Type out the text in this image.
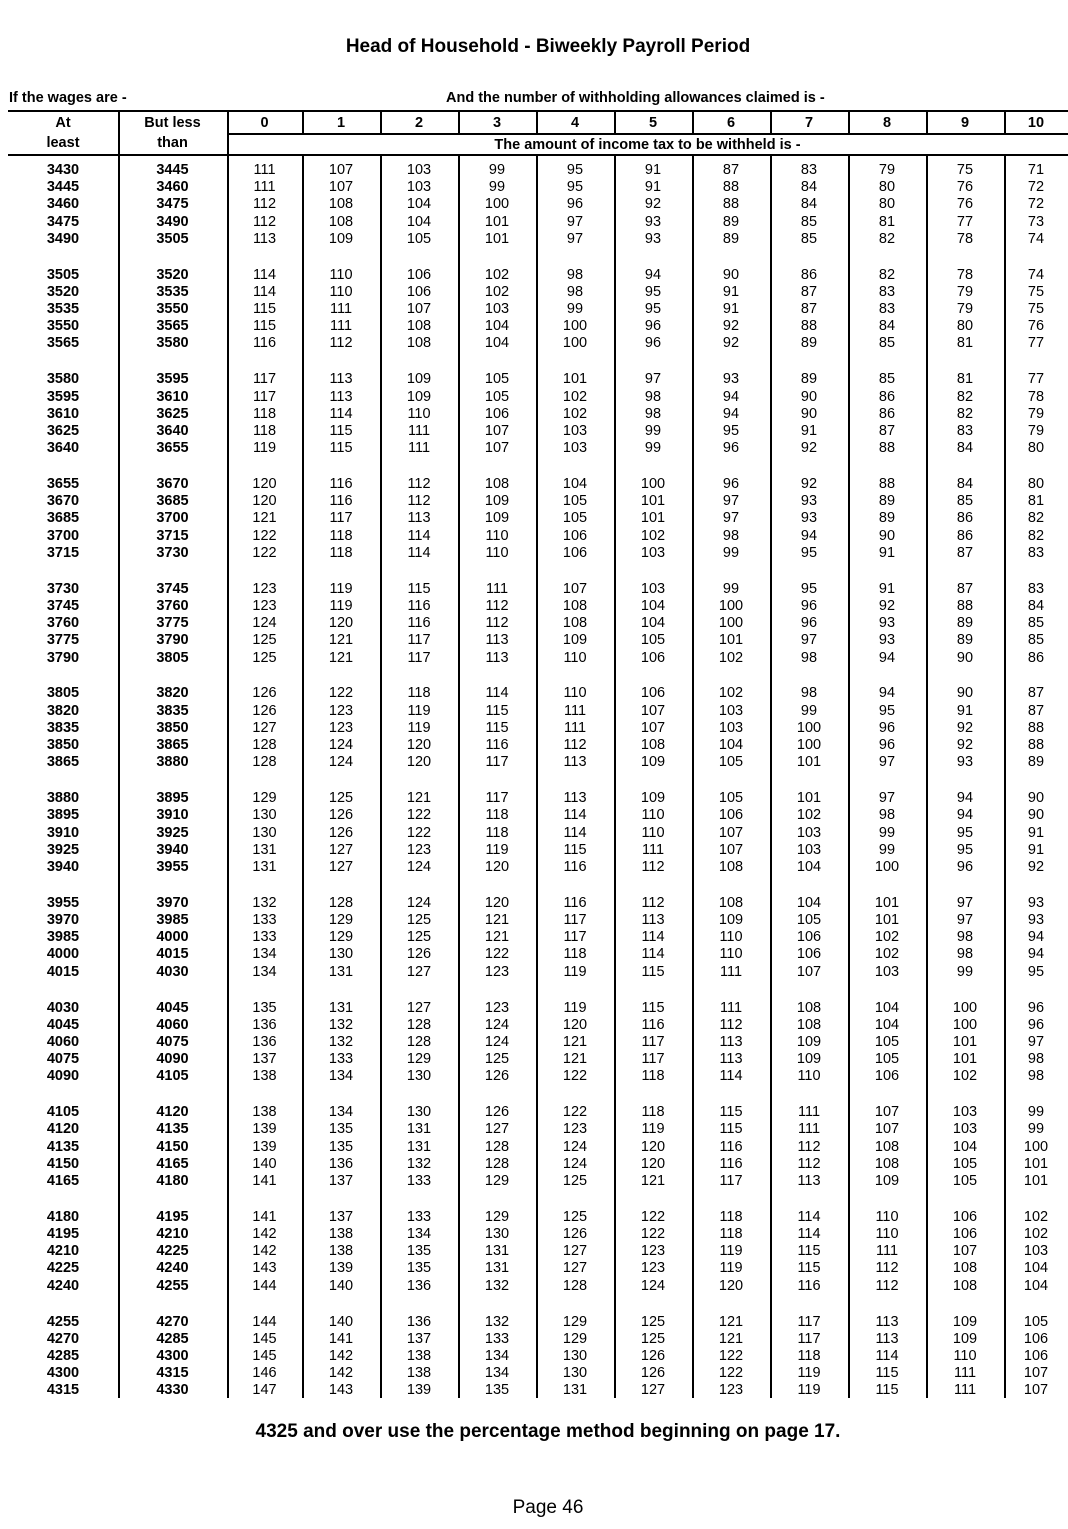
Head of Household - Biweekly Payroll Period
If the wages are -	And the number of withholding allowances claimed is -
At
least
But less
than
0	1	2	3	4	5	6	7	8	9	10
The amount of income tax to be withheld is -
3430	3445	111	107	103	99	95	91	87	83	79	75	71
3445	3460	111	107	103	99	95	91	88	84	80	76	72
3460	3475	112	108	104	100	96	92	88	84	80	76	72
3475	3490	112	108	104	101	97	93	89	85	81	77	73
3490	3505	113	109	105	101	97	93	89	85	82	78	74
3505	3520	114	110	106	102	98	94	90	86	82	78	74
3520	3535	114	110	106	102	98	95	91	87	83	79	75
3535	3550	115	111	107	103	99	95	91	87	83	79	75
3550	3565	115	111	108	104	100	96	92	88	84	80	76
3565	3580	116	112	108	104	100	96	92	89	85	81	77
3580	3595	117	113	109	105	101	97	93	89	85	81	77
3595	3610	117	113	109	105	102	98	94	90	86	82	78
3610	3625	118	114	110	106	102	98	94	90	86	82	79
3625	3640	118	115	111	107	103	99	95	91	87	83	79
3640	3655	119	115	111	107	103	99	96	92	88	84	80
3655	3670	120	116	112	108	104	100	96	92	88	84	80
3670	3685	120	116	112	109	105	101	97	93	89	85	81
3685	3700	121	117	113	109	105	101	97	93	89	86	82
3700	3715	122	118	114	110	106	102	98	94	90	86	82
3715	3730	122	118	114	110	106	103	99	95	91	87	83
3730	3745	123	119	115	111	107	103	99	95	91	87	83
3745	3760	123	119	116	112	108	104	100	96	92	88	84
3760	3775	124	120	116	112	108	104	100	96	93	89	85
3775	3790	125	121	117	113	109	105	101	97	93	89	85
3790	3805	125	121	117	113	110	106	102	98	94	90	86
3805	3820	126	122	118	114	110	106	102	98	94	90	87
3820	3835	126	123	119	115	111	107	103	99	95	91	87
3835	3850	127	123	119	115	111	107	103	100	96	92	88
3850	3865	128	124	120	116	112	108	104	100	96	92	88
3865	3880	128	124	120	117	113	109	105	101	97	93	89
3880	3895	129	125	121	117	113	109	105	101	97	94	90
3895	3910	130	126	122	118	114	110	106	102	98	94	90
3910	3925	130	126	122	118	114	110	107	103	99	95	91
3925	3940	131	127	123	119	115	111	107	103	99	95	91
3940	3955	131	127	124	120	116	112	108	104	100	96	92
3955	3970	132	128	124	120	116	112	108	104	101	97	93
3970	3985	133	129	125	121	117	113	109	105	101	97	93
3985	4000	133	129	125	121	117	114	110	106	102	98	94
4000	4015	134	130	126	122	118	114	110	106	102	98	94
4015	4030	134	131	127	123	119	115	111	107	103	99	95
4030	4045	135	131	127	123	119	115	111	108	104	100	96
4045	4060	136	132	128	124	120	116	112	108	104	100	96
4060	4075	136	132	128	124	121	117	113	109	105	101	97
4075	4090	137	133	129	125	121	117	113	109	105	101	98
4090	4105	138	134	130	126	122	118	114	110	106	102	98
4105	4120	138	134	130	126	122	118	115	111	107	103	99
4120	4135	139	135	131	127	123	119	115	111	107	103	99
4135	4150	139	135	131	128	124	120	116	112	108	104	100
4150	4165	140	136	132	128	124	120	116	112	108	105	101
4165	4180	141	137	133	129	125	121	117	113	109	105	101
4180	4195	141	137	133	129	125	122	118	114	110	106	102
4195	4210	142	138	134	130	126	122	118	114	110	106	102
4210	4225	142	138	135	131	127	123	119	115	111	107	103
4225	4240	143	139	135	131	127	123	119	115	112	108	104
4240	4255	144	140	136	132	128	124	120	116	112	108	104
4255	4270	144	140	136	132	129	125	121	117	113	109	105
4270	4285	145	141	137	133	129	125	121	117	113	109	106
4285	4300	145	142	138	134	130	126	122	118	114	110	106
4300	4315	146	142	138	134	130	126	122	119	115	111	107
4315	4330	147	143	139	135	131	127	123	119	115	111	107
4325 and over use the percentage method beginning on page 17.
Page 46
